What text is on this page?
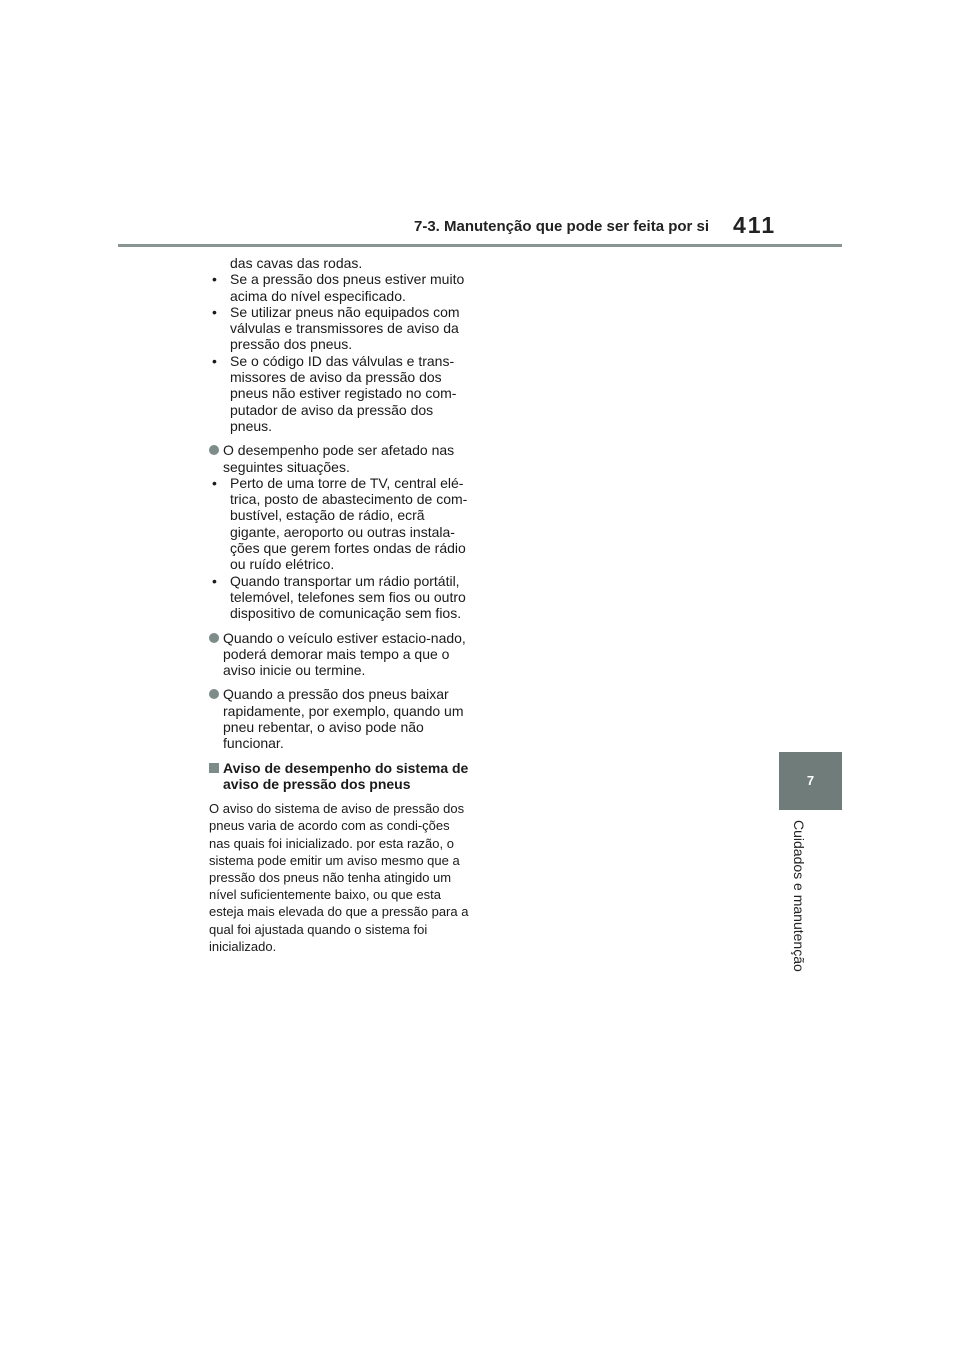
7-3. Manutenção que pode ser feita por si 411
7
Cuidados e manutenção
das cavas das rodas.
• Se a pressão dos pneus estiver muito acima do nível especificado.
• Se utilizar pneus não equipados com válvulas e transmissores de aviso da pressão dos pneus.
• Se o código ID das válvulas e trans-missores de aviso da pressão dos pneus não estiver registado no com-putador de aviso da pressão dos pneus.
O desempenho pode ser afetado nas seguintes situações.
• Perto de uma torre de TV, central elé-trica, posto de abastecimento de com-bustível, estação de rádio, ecrã gigante, aeroporto ou outras instala-ções que gerem fortes ondas de rádio ou ruído elétrico.
• Quando transportar um rádio portátil, telemóvel, telefones sem fios ou outro dispositivo de comunicação sem fios.
Quando o veículo estiver estacio-nado, poderá demorar mais tempo a que o aviso inicie ou termine.
Quando a pressão dos pneus baixar rapidamente, por exemplo, quando um pneu rebentar, o aviso pode não funcionar.
Aviso de desempenho do sistema de aviso de pressão dos pneus
O aviso do sistema de aviso de pressão dos pneus varia de acordo com as condi-ções nas quais foi inicializado. por esta razão, o sistema pode emitir um aviso mesmo que a pressão dos pneus não tenha atingido um nível suficientemente baixo, ou que esta esteja mais elevada do que a pressão para a qual foi ajustada quando o sistema foi inicializado.
